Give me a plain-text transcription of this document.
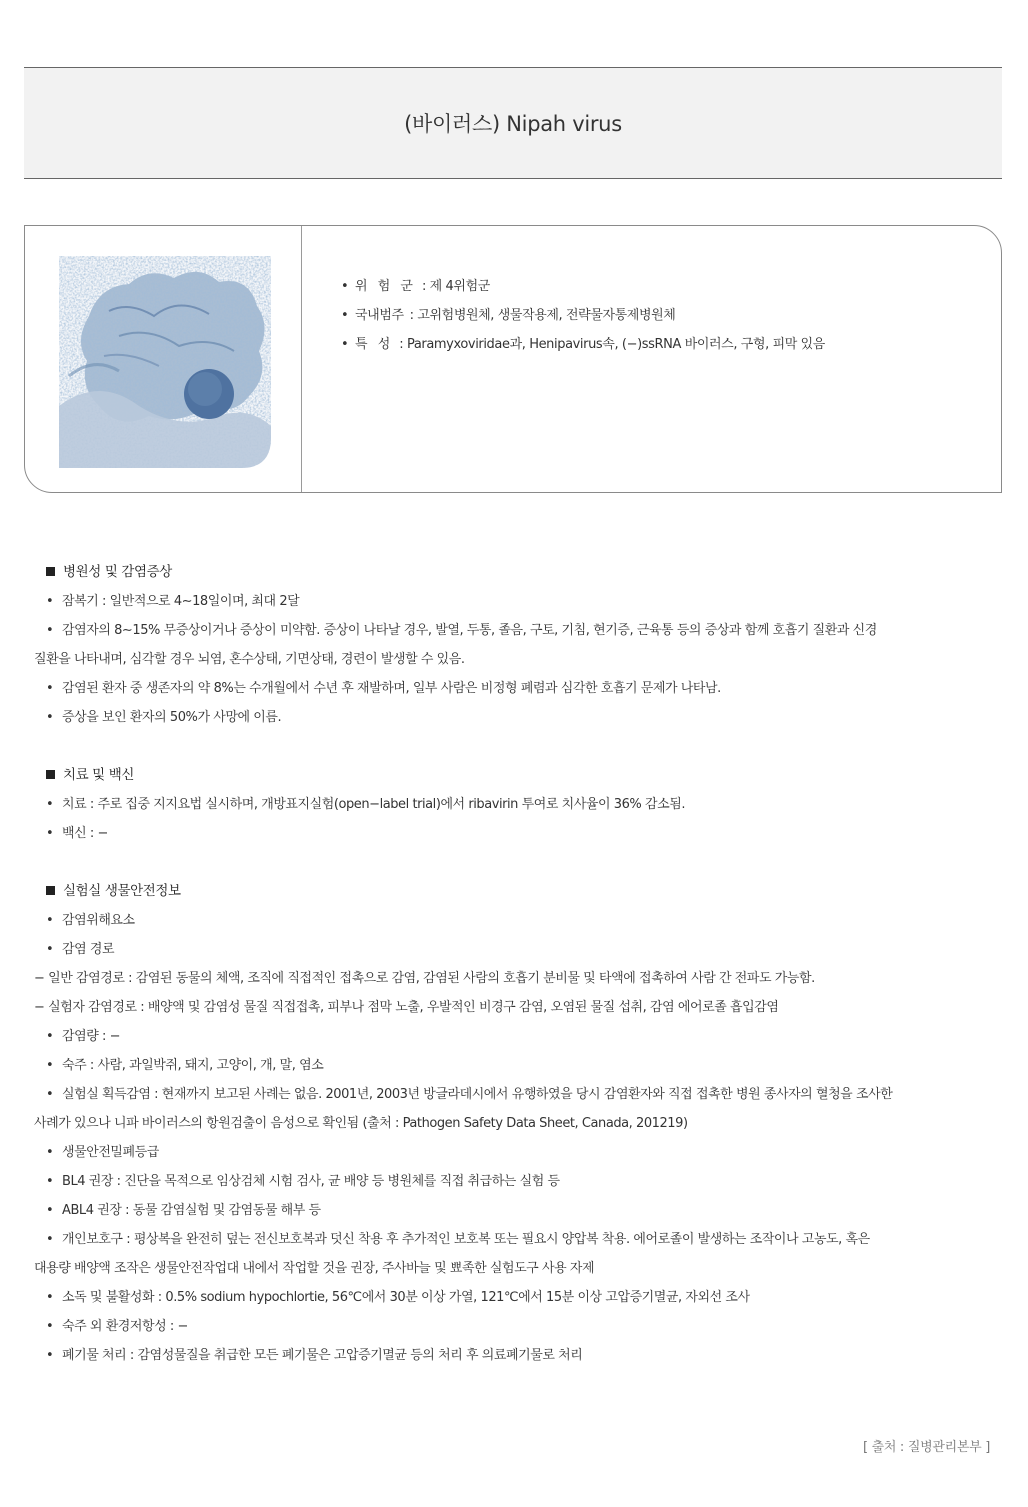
(바이러스) Nipah virus
• 위 험 군 : 제 4위험군
• 국내범주 : 고위험병원체, 생물작용제, 전략물자통제병원체
• 특 성 : Paramyxoviridae과, Henipavirus속, (−)ssRNA 바이러스, 구형, 피막 있음
병원성 및 감염증상
• 잠복기 : 일반적으로 4∼18일이며, 최대 2달
• 감염자의 8∼15% 무증상이거나 증상이 미약함. 증상이 나타날 경우, 발열, 두통, 졸음, 구토, 기침, 현기증, 근육통 등의 증상과 함께 호흡기 질환과 신경
질환을 나타내며, 심각할 경우 뇌염, 혼수상태, 기면상태, 경련이 발생할 수 있음.
• 감염된 환자 중 생존자의 약 8%는 수개월에서 수년 후 재발하며, 일부 사람은 비정형 폐렴과 심각한 호흡기 문제가 나타남.
• 증상을 보인 환자의 50%가 사망에 이름.
치료 및 백신
• 치료 : 주로 집중 지지요법 실시하며, 개방표지실험(open−label trial)에서 ribavirin 투여로 치사율이 36% 감소됨.
• 백신 : −
실험실 생물안전정보
• 감염위해요소
• 감염 경로
− 일반 감염경로 : 감염된 동물의 체액, 조직에 직접적인 접촉으로 감염, 감염된 사람의 호흡기 분비물 및 타액에 접촉하여 사람 간 전파도 가능함.
− 실험자 감염경로 : 배양액 및 감염성 물질 직접접촉, 피부나 점막 노출, 우발적인 비경구 감염, 오염된 물질 섭취, 감염 에어로졸 흡입감염
• 감염량 : −
• 숙주 : 사람, 과일박쥐, 돼지, 고양이, 개, 말, 염소
• 실험실 획득감염 : 현재까지 보고된 사례는 없음. 2001년, 2003년 방글라데시에서 유행하였을 당시 감염환자와 직접 접촉한 병원 종사자의 혈청을 조사한
사례가 있으나 니파 바이러스의 항원검출이 음성으로 확인됨 (출처 : Pathogen Safety Data Sheet, Canada, 201219)
• 생물안전밀폐등급
• BL4 권장 : 진단을 목적으로 임상검체 시험 검사, 균 배양 등 병원체를 직접 취급하는 실험 등
• ABL4 권장 : 동물 감염실험 및 감염동물 해부 등
• 개인보호구 : 평상복을 완전히 덮는 전신보호복과 덧신 착용 후 추가적인 보호복 또는 필요시 양압복 착용. 에어로졸이 발생하는 조작이나 고농도, 혹은
대용량 배양액 조작은 생물안전작업대 내에서 작업할 것을 권장, 주사바늘 및 뾰족한 실험도구 사용 자제
• 소독 및 불활성화 : 0.5% sodium hypochlortie, 56℃에서 30분 이상 가열, 121℃에서 15분 이상 고압증기멸균, 자외선 조사
• 숙주 외 환경저항성 : −
• 폐기물 처리 : 감염성물질을 취급한 모든 폐기물은 고압증기멸균 등의 처리 후 의료폐기물로 처리
[ 출처 : 질병관리본부 ]
